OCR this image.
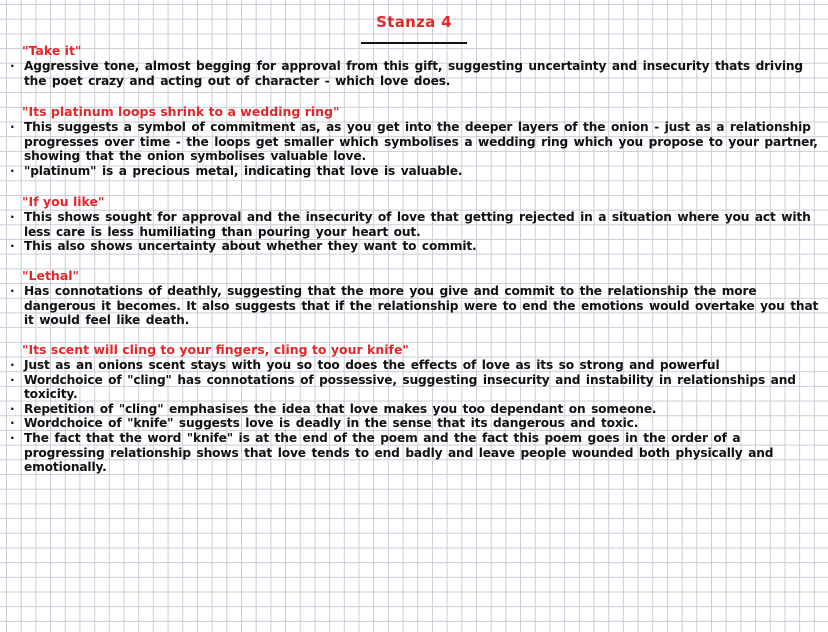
Stanza 4
"Take it"
· Aggressive tone, almost begging for approval from this gift, suggesting uncertainty and insecurity thats driving the poet crazy and acting out of character - which love does.
"Its platinum loops shrink to a wedding ring"
· This suggests a symbol of commitment as, as you get into the deeper layers of the onion - just as a relationship progresses over time - the loops get smaller which symbolises a wedding ring which you propose to your partner, showing that the onion symbolises valuable love.
· "platinum" is a precious metal, indicating that love is valuable.
"If you like"
· This shows sought for approval and the insecurity of love that getting rejected in a situation where you act with less care is less humiliating than pouring your heart out.
· This also shows uncertainty about whether they want to commit.
"Lethal"
· Has connotations of deathly, suggesting that the more you give and commit to the relationship the more dangerous it becomes. It also suggests that if the relationship were to end the emotions would overtake you that it would feel like death.
"Its scent will cling to your fingers, cling to your knife"
· Just as an onions scent stays with you so too does the effects of love as its so strong and powerful
· Wordchoice of "cling" has connotations of possessive, suggesting insecurity and instability in relationships and toxicity.
· Repetition of "cling" emphasises the idea that love makes you too dependant on someone.
· Wordchoice of "knife" suggests love is deadly in the sense that its dangerous and toxic.
· The fact that the word "knife" is at the end of the poem and the fact this poem goes in the order of a progressing relationship shows that love tends to end badly and leave people wounded both physically and emotionally.
